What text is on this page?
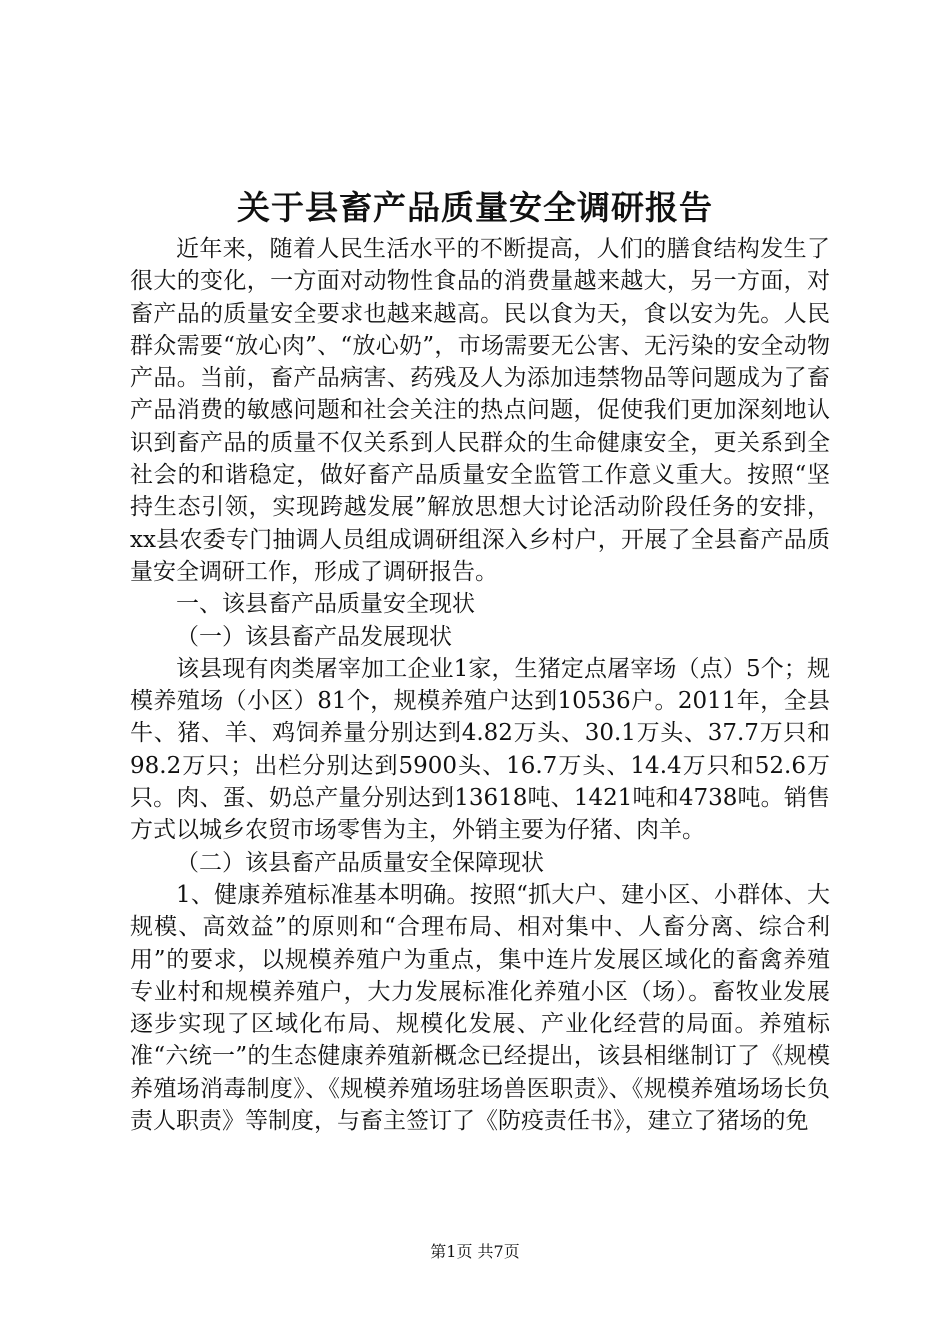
关于县畜产品质量安全调研报告

近年来，随着人民生活水平的不断提高，人们的膳食结构发生了很大的变化，一方面对动物性食品的消费量越来越大，另一方面，对畜产品的质量安全要求也越来越高。民以食为天，食以安为先。人民群众需要“放心肉”、“放心奶”，市场需要无公害、无污染的安全动物产品。当前，畜产品病害、药残及人为添加违禁物品等问题成为了畜产品消费的敏感问题和社会关注的热点问题，促使我们更加深刻地认识到畜产品的质量不仅关系到人民群众的生命健康安全，更关系到全社会的和谐稳定，做好畜产品质量安全监管工作意义重大。按照“坚持生态引领，实现跨越发展”解放思想大讨论活动阶段任务的安排，xx县农委专门抽调人员组成调研组深入乡村户，开展了全县畜产品质量安全调研工作，形成了调研报告。

一、该县畜产品质量安全现状

（一）该县畜产品发展现状

该县现有肉类屠宰加工企业1家，生猪定点屠宰场（点）5个；规模养殖场（小区）81个，规模养殖户达到10536户。2011年，全县牛、猪、羊、鸡饲养量分别达到4.82万头、30.1万头、37.7万只和98.2万只；出栏分别达到5900头、16.7万头、14.4万只和52.6万只。肉、蛋、奶总产量分别达到13618吨、1421吨和4738吨。销售方式以城乡农贸市场零售为主，外销主要为仔猪、肉羊。

（二）该县畜产品质量安全保障现状

1、健康养殖标准基本明确。按照“抓大户、建小区、小群体、大规模、高效益”的原则和“合理布局、相对集中、人畜分离、综合利用”的要求，以规模养殖户为重点，集中连片发展区域化的畜禽养殖专业村和规模养殖户，大力发展标准化养殖小区（场）。畜牧业发展逐步实现了区域化布局、规模化发展、产业化经营的局面。养殖标准“六统一”的生态健康养殖新概念已经提出，该县相继制订了《规模养殖场消毒制度》、《规模养殖场驻场兽医职责》、《规模养殖场场长负责人职责》等制度，与畜主签订了《防疫责任书》，建立了猪场的免

第1页 共7页
